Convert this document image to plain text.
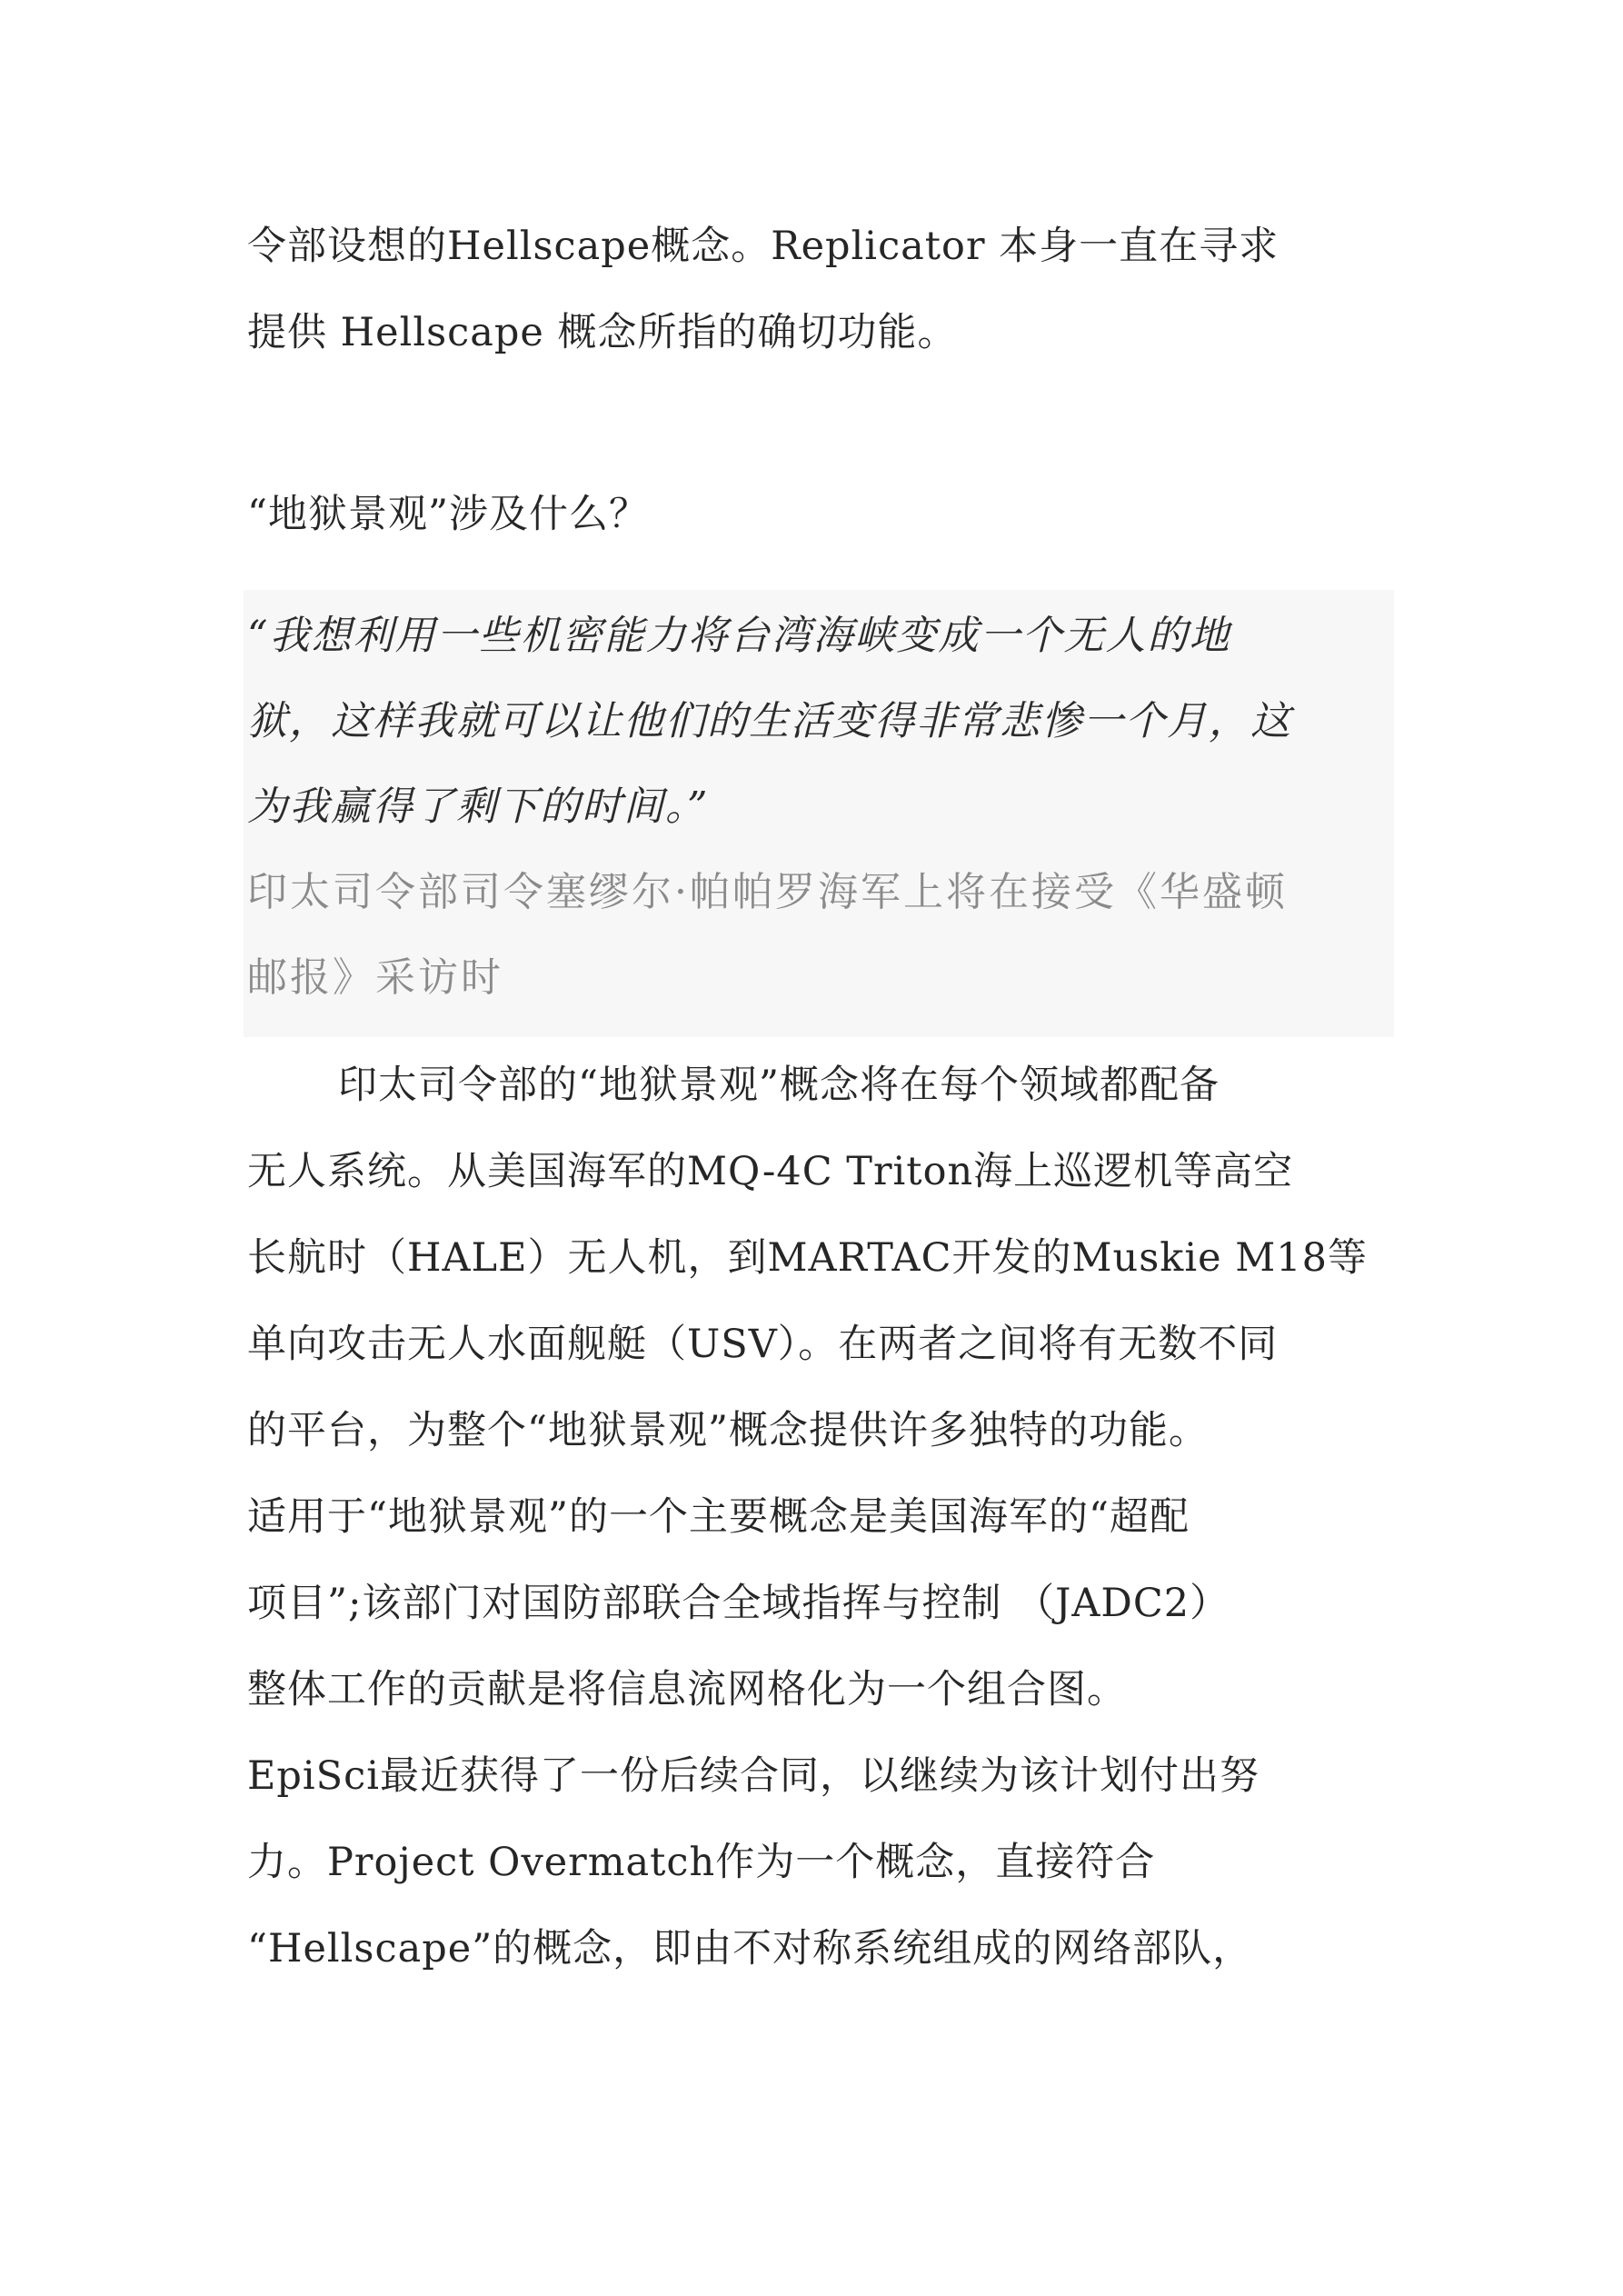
令部设想的Hellscape概念。Replicator 本身一直在寻求
提供 Hellscape 概念所指的确切功能。
“地狱景观”涉及什么？
“我想利用一些机密能力将台湾海峡变成一个无人的地
狱，这样我就可以让他们的生活变得非常悲惨一个月，这
为我赢得了剩下的时间。”
印太司令部司令塞缪尔·帕帕罗海军上将在接受《华盛顿
邮报》采访时
印太司令部的“地狱景观”概念将在每个领域都配备
无人系统。从美国海军的MQ-4C Triton海上巡逻机等高空
长航时（HALE）无人机，到MARTAC开发的Muskie M18等
单向攻击无人水面舰艇（USV）。在两者之间将有无数不同
的平台，为整个“地狱景观”概念提供许多独特的功能。
适用于“地狱景观”的一个主要概念是美国海军的“超配
项目”;该部门对国防部联合全域指挥与控制 （JADC2）
整体工作的贡献是将信息流网格化为一个组合图。
EpiSci最近获得了一份后续合同，以继续为该计划付出努
力。Project Overmatch作为一个概念，直接符合
“Hellscape”的概念，即由不对称系统组成的网络部队，
